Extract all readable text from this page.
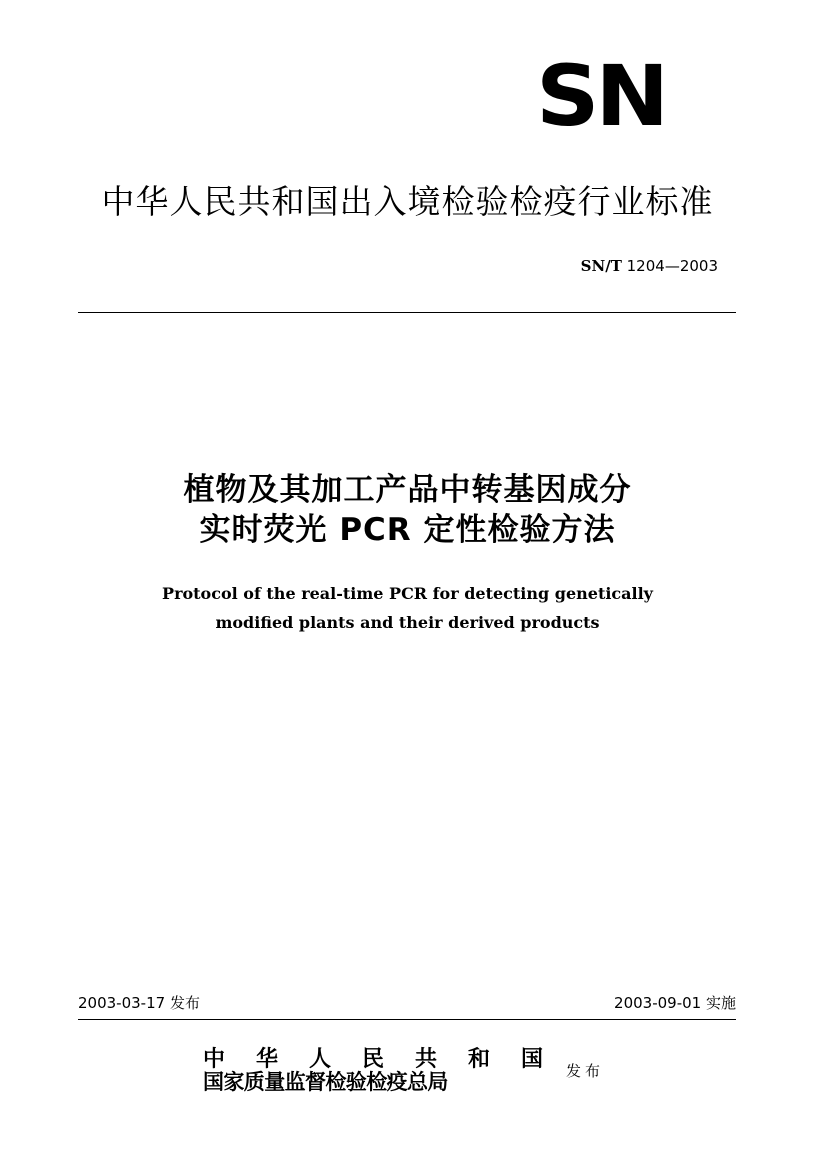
SN
中华人民共和国出入境检验检疫行业标准
SN/T 1204—2003
植物及其加工产品中转基因成分
实时荧光 PCR 定性检验方法
Protocol of the real-time PCR for detecting genetically
modified plants and their derived products
2003-03-17 发布	2003-09-01 实施
中 华 人 民 共 和 国
国家质量监督检验检疫总局	发布
